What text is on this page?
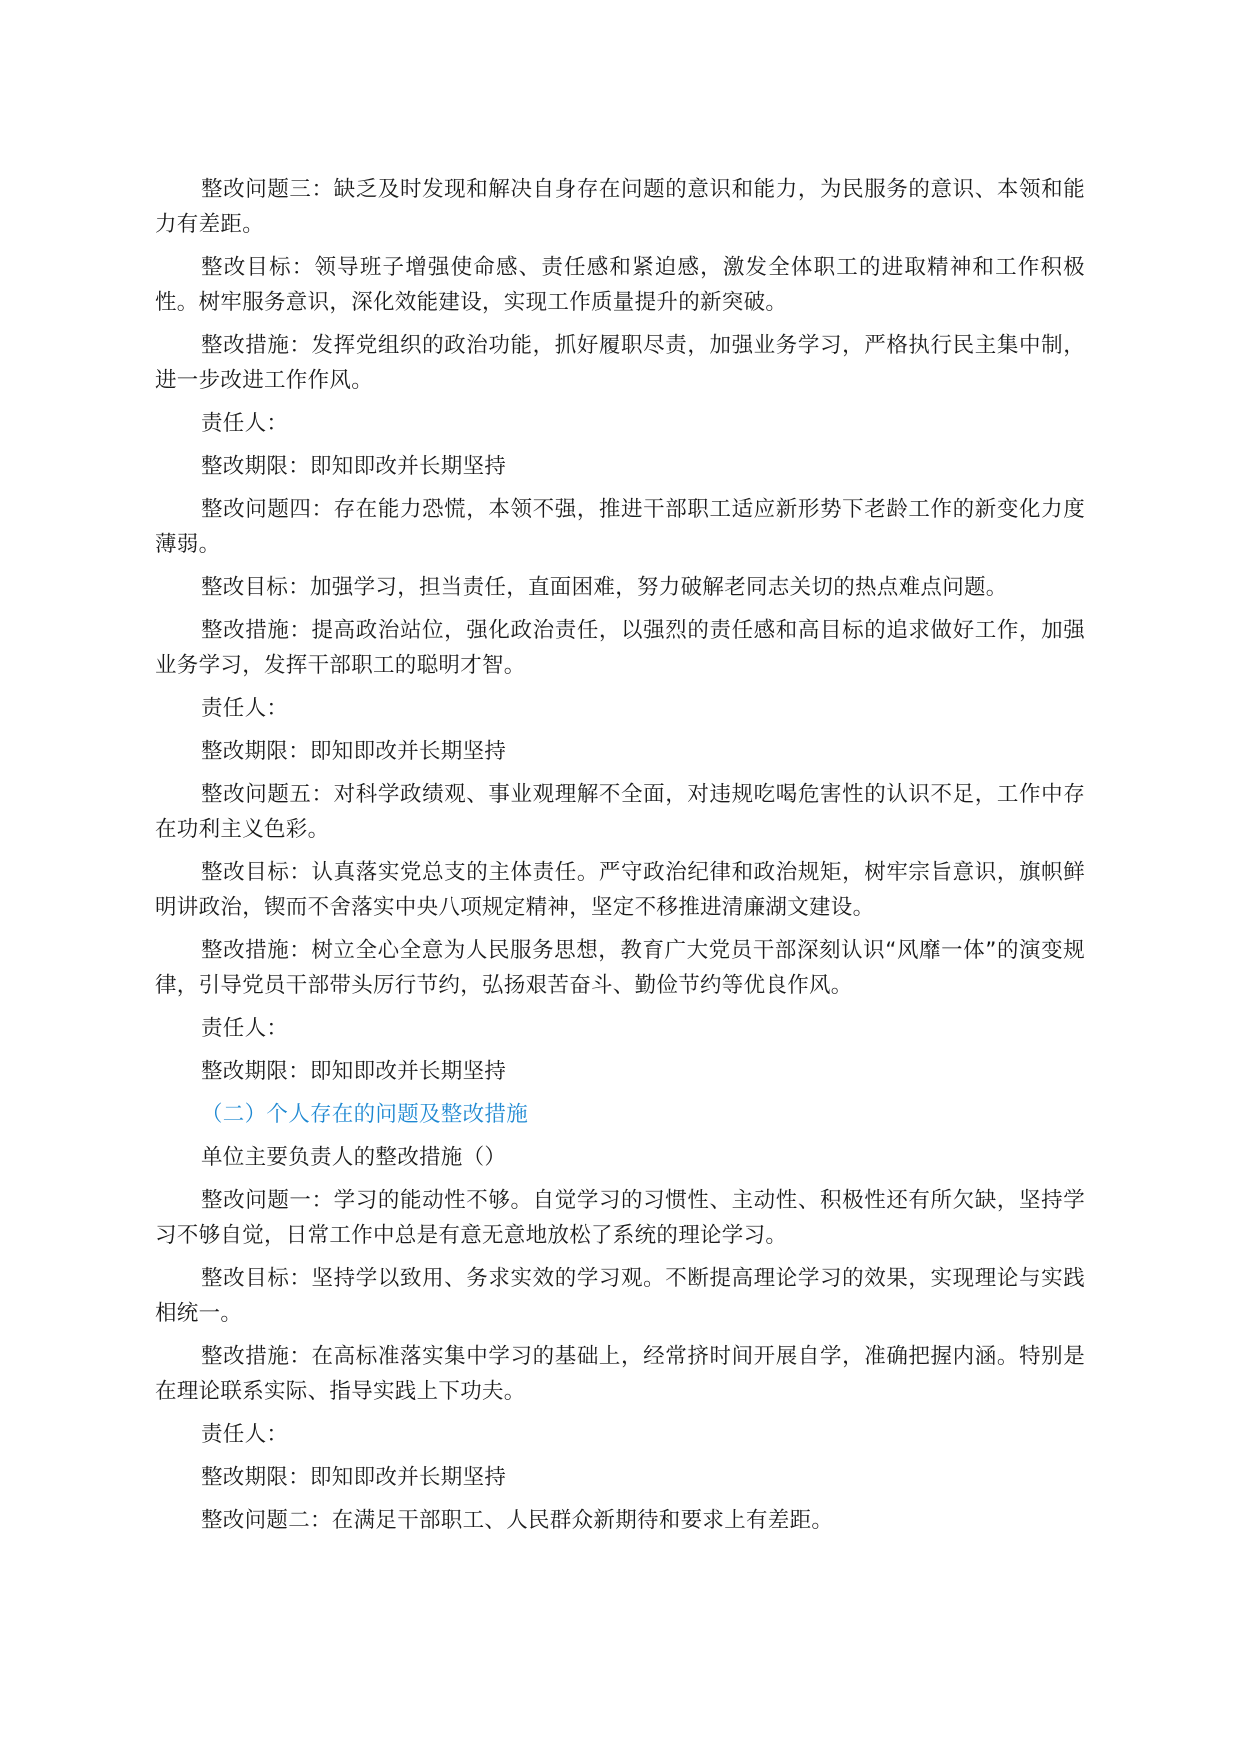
整改问题三：缺乏及时发现和解决自身存在问题的意识和能力，为民服务的意识、本领和能力有差距。

整改目标：领导班子增强使命感、责任感和紧迫感，激发全体职工的进取精神和工作积极性。树牢服务意识，深化效能建设，实现工作质量提升的新突破。

整改措施：发挥党组织的政治功能，抓好履职尽责，加强业务学习，严格执行民主集中制，进一步改进工作作风。

责任人：

整改期限：即知即改并长期坚持

整改问题四：存在能力恐慌，本领不强，推进干部职工适应新形势下老龄工作的新变化力度薄弱。

整改目标：加强学习，担当责任，直面困难，努力破解老同志关切的热点难点问题。

整改措施：提高政治站位，强化政治责任，以强烈的责任感和高目标的追求做好工作，加强业务学习，发挥干部职工的聪明才智。

责任人：

整改期限：即知即改并长期坚持

整改问题五：对科学政绩观、事业观理解不全面，对违规吃喝危害性的认识不足，工作中存在功利主义色彩。

整改目标：认真落实党总支的主体责任。严守政治纪律和政治规矩，树牢宗旨意识，旗帜鲜明讲政治，锲而不舍落实中央八项规定精神，坚定不移推进清廉湖文建设。

整改措施：树立全心全意为人民服务思想，教育广大党员干部深刻认识“风靡一体”的演变规律，引导党员干部带头厉行节约，弘扬艰苦奋斗、勤俭节约等优良作风。

责任人：

整改期限：即知即改并长期坚持

（二）个人存在的问题及整改措施

单位主要负责人的整改措施（）

整改问题一：学习的能动性不够。自觉学习的习惯性、主动性、积极性还有所欠缺，坚持学习不够自觉，日常工作中总是有意无意地放松了系统的理论学习。

整改目标：坚持学以致用、务求实效的学习观。不断提高理论学习的效果，实现理论与实践相统一。

整改措施：在高标准落实集中学习的基础上，经常挤时间开展自学，准确把握内涵。特别是在理论联系实际、指导实践上下功夫。

责任人：

整改期限：即知即改并长期坚持

整改问题二：在满足干部职工、人民群众新期待和要求上有差距。
